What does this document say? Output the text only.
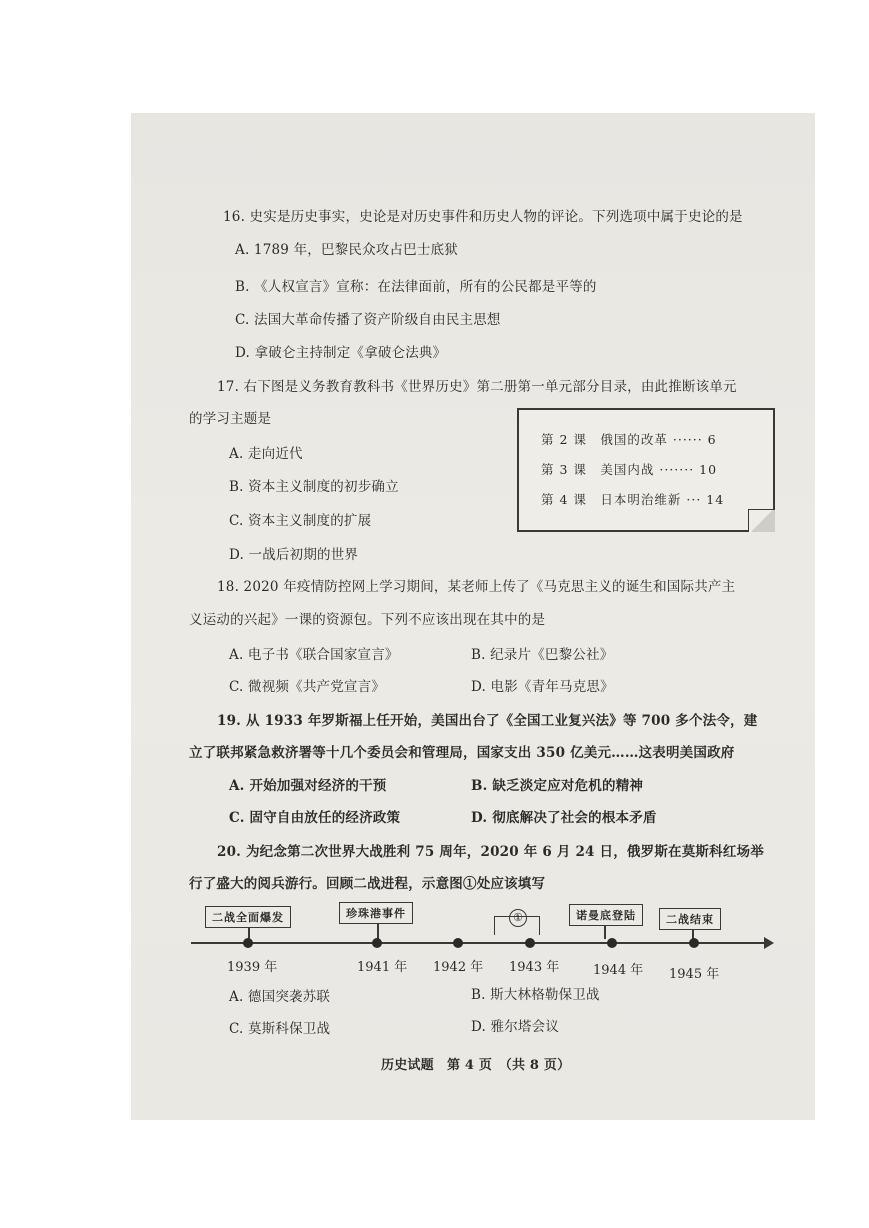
16. 史实是历史事实，史论是对历史事件和历史人物的评论。下列选项中属于史论的是
A. 1789 年，巴黎民众攻占巴士底狱
B. 《人权宣言》宣称：在法律面前，所有的公民都是平等的
C. 法国大革命传播了资产阶级自由民主思想
D. 拿破仑主持制定《拿破仑法典》
17. 右下图是义务教育教科书《世界历史》第二册第一单元部分目录，由此推断该单元
的学习主题是
A. 走向近代
B. 资本主义制度的初步确立
C. 资本主义制度的扩展
D. 一战后初期的世界
第 2 课　俄国的改革 ······ 6
第 3 课　美国内战 ······· 10
第 4 课　日本明治维新 ··· 14
18. 2020 年疫情防控网上学习期间，某老师上传了《马克思主义的诞生和国际共产主
义运动的兴起》一课的资源包。下列不应该出现在其中的是
A. 电子书《联合国家宣言》	B. 纪录片《巴黎公社》
C. 微视频《共产党宣言》	D. 电影《青年马克思》
19. 从 1933 年罗斯福上任开始，美国出台了《全国工业复兴法》等 700 多个法令，建
立了联邦紧急救济署等十几个委员会和管理局，国家支出 350 亿美元……这表明美国政府
A. 开始加强对经济的干预	B. 缺乏淡定应对危机的精神
C. 固守自由放任的经济政策	D. 彻底解决了社会的根本矛盾
20. 为纪念第二次世界大战胜利 75 周年，2020 年 6 月 24 日，俄罗斯在莫斯科红场举
行了盛大的阅兵游行。回顾二战进程，示意图①处应该填写
二战全面爆发	珍珠港事件	①	诺曼底登陆	二战结束
1939 年	1941 年 1942 年 1943 年	1944 年 1945 年
A. 德国突袭苏联	B. 斯大林格勒保卫战
C. 莫斯科保卫战	D. 雅尔塔会议
历史试题　第 4 页　（共 8 页）
